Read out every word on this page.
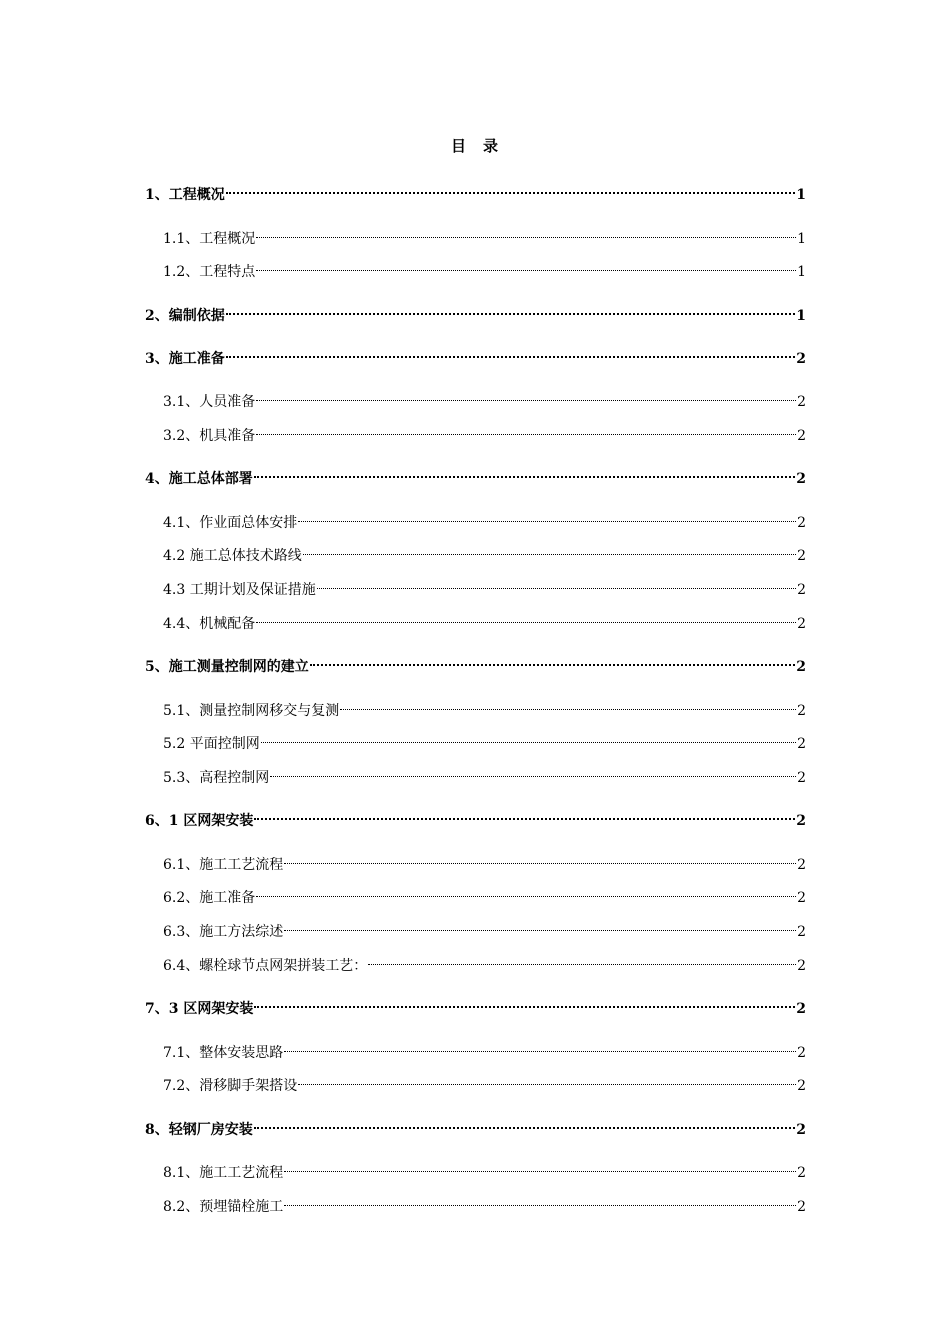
目　录
1、工程概况	1
1.1、工程概况	1
1.2、工程特点	1
2、编制依据	1
3、施工准备	2
3.1、人员准备	2
3.2、机具准备	2
4、施工总体部署	2
4.1、作业面总体安排	2
4.2 施工总体技术路线	2
4.3 工期计划及保证措施	2
4.4、机械配备	2
5、施工测量控制网的建立	2
5.1、测量控制网移交与复测	2
5.2 平面控制网	2
5.3、高程控制网	2
6、1 区网架安装	2
6.1、施工工艺流程	2
6.2、施工准备	2
6.3、施工方法综述	2
6.4、螺栓球节点网架拼装工艺：	2
7、3 区网架安装	2
7.1、整体安装思路	2
7.2、滑移脚手架搭设	2
8、轻钢厂房安装	2
8.1、施工工艺流程	2
8.2、预埋锚栓施工	2
